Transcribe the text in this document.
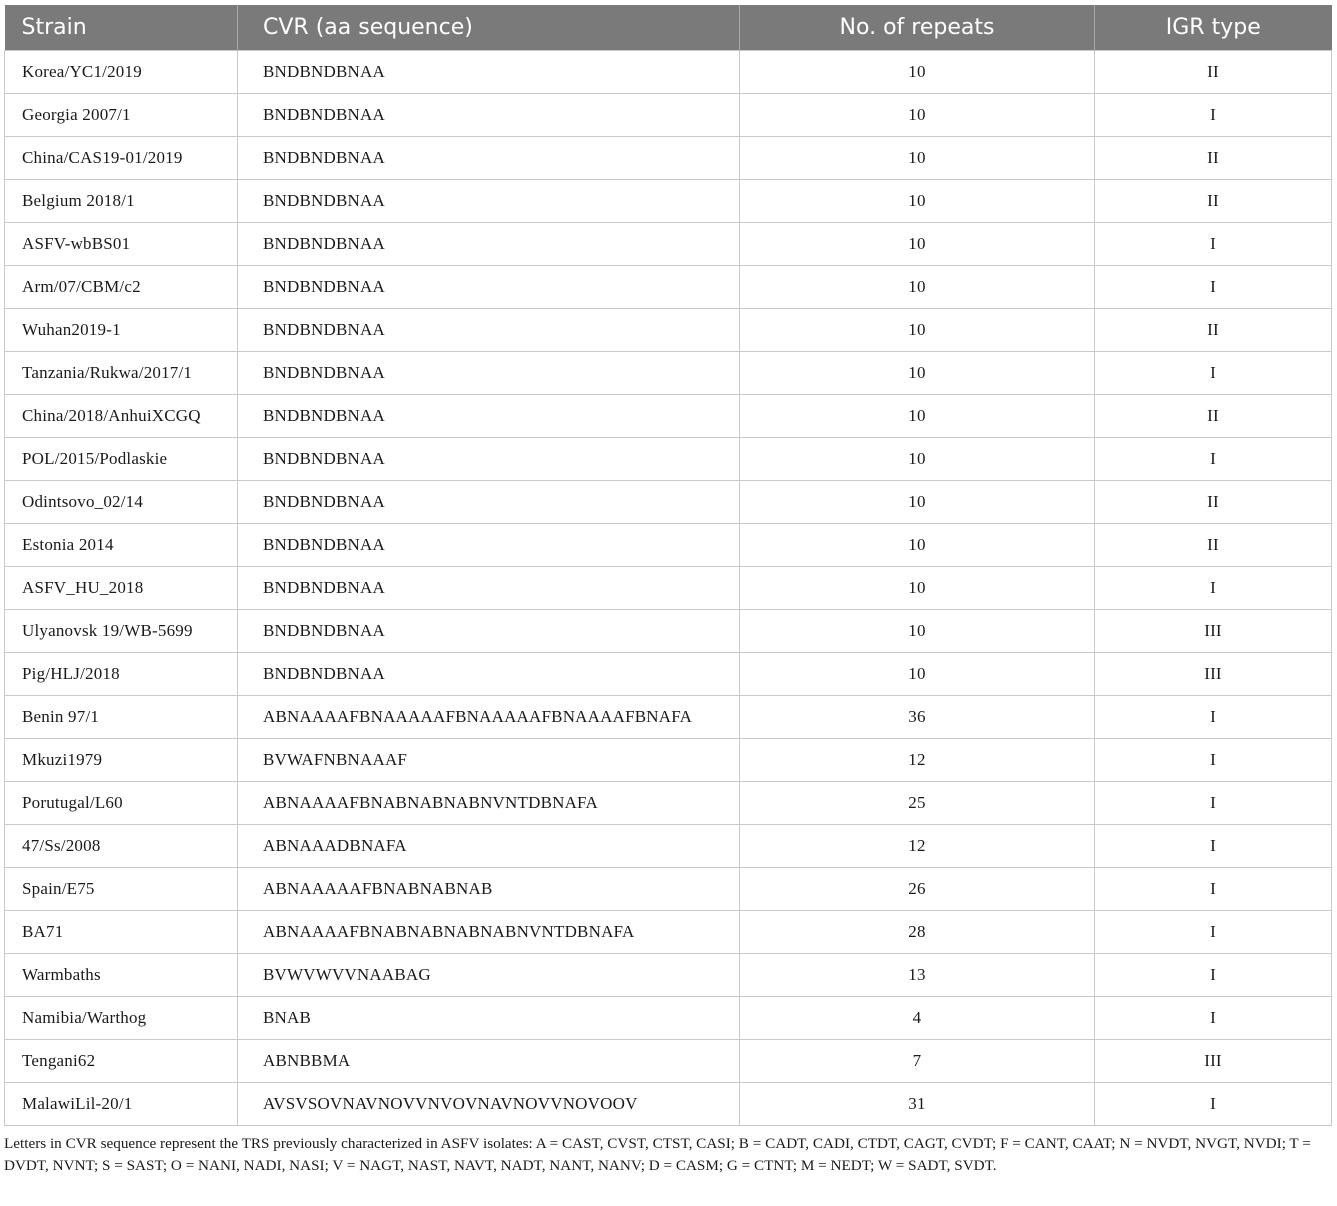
Strain	CVR (aa sequence)	No. of repeats	IGR type
Korea/YC1/2019	BNDBNDBNAA	10	II
Georgia 2007/1	BNDBNDBNAA	10	I
China/CAS19-01/2019	BNDBNDBNAA	10	II
Belgium 2018/1	BNDBNDBNAA	10	II
ASFV-wbBS01	BNDBNDBNAA	10	I
Arm/07/CBM/c2	BNDBNDBNAA	10	I
Wuhan2019-1	BNDBNDBNAA	10	II
Tanzania/Rukwa/2017/1	BNDBNDBNAA	10	I
China/2018/AnhuiXCGQ	BNDBNDBNAA	10	II
POL/2015/Podlaskie	BNDBNDBNAA	10	I
Odintsovo_02/14	BNDBNDBNAA	10	II
Estonia 2014	BNDBNDBNAA	10	II
ASFV_HU_2018	BNDBNDBNAA	10	I
Ulyanovsk 19/WB-5699	BNDBNDBNAA	10	III
Pig/HLJ/2018	BNDBNDBNAA	10	III
Benin 97/1	ABNAAAAFBNAAAAAFBNAAAAAFBNAAAAFBNAFA	36	I
Mkuzi1979	BVWAFNBNAAAF	12	I
Porutugal/L60	ABNAAAAFBNABNABNABNVNTDBNAFA	25	I
47/Ss/2008	ABNAAADBNAFA	12	I
Spain/E75	ABNAAAAAFBNABNABNAB	26	I
BA71	ABNAAAAFBNABNABNABNABNVNTDBNAFA	28	I
Warmbaths	BVWVWVVNAABAG	13	I
Namibia/Warthog	BNAB	4	I
Tengani62	ABNBBMA	7	III
MalawiLil-20/1	AVSVSOVNAVNOVVNVOVNAVNOVVNOVOOV	31	I
Letters in CVR sequence represent the TRS previously characterized in ASFV isolates: A = CAST, CVST, CTST, CASI; B = CADT, CADI, CTDT, CAGT, CVDT; F = CANT, CAAT; N = NVDT, NVGT, NVDI; T = DVDT, NVNT; S = SAST; O = NANI, NADI, NASI; V = NAGT, NAST, NAVT, NADT, NANT, NANV; D = CASM; G = CTNT; M = NEDT; W = SADT, SVDT.
